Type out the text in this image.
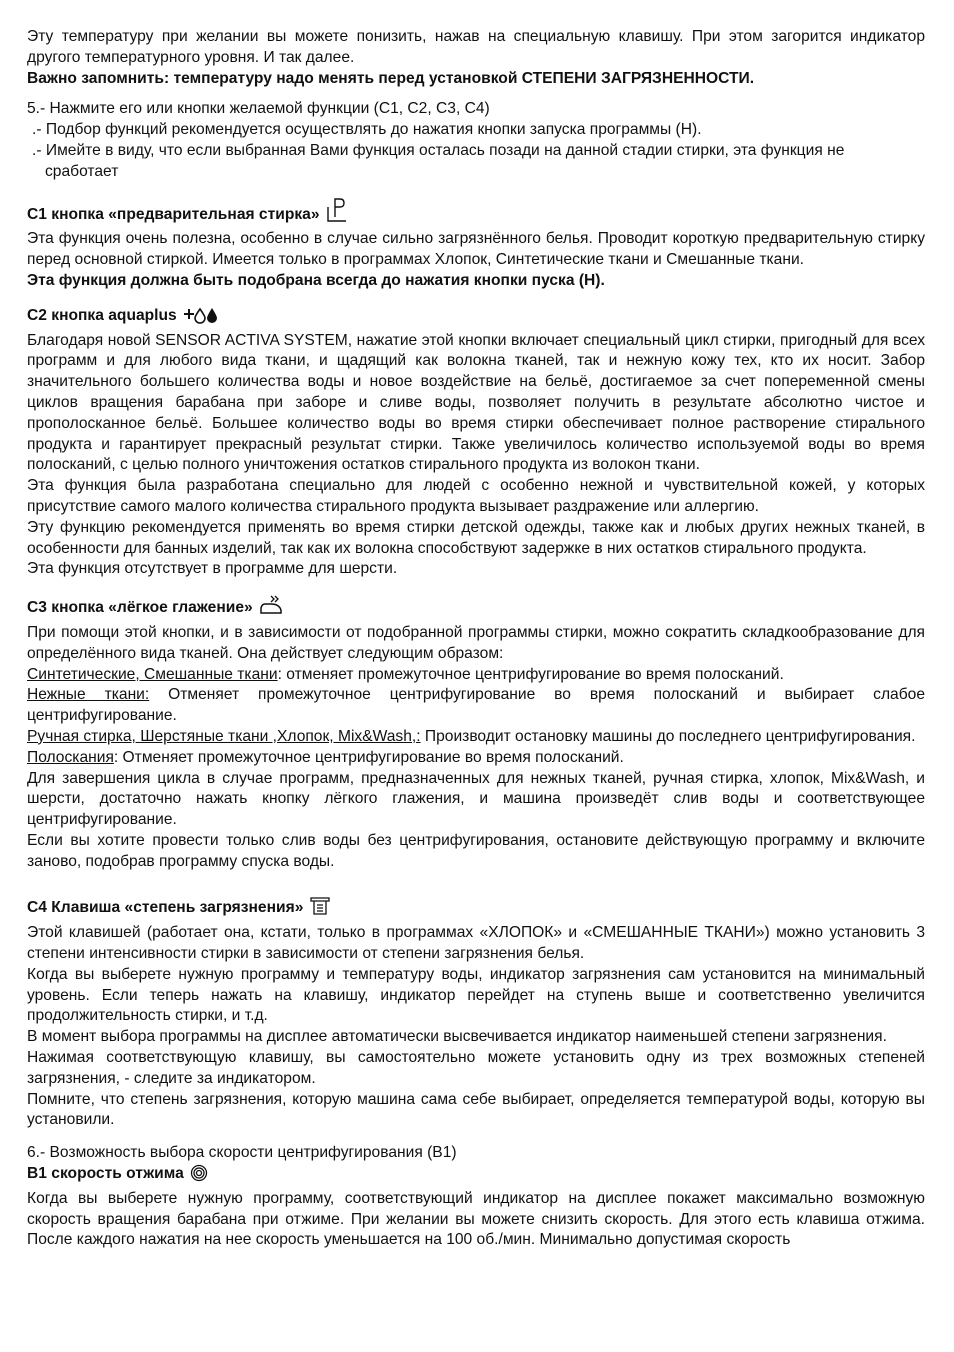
Эту температуру при желании вы можете понизить, нажав на специальную клавишу. При этом загорится индикатор другого температурного уровня. И так далее.

Важно запомнить: температуру надо менять перед установкой СТЕПЕНИ ЗАГРЯЗНЕННОСТИ.

5.- Нажмите его или кнопки желаемой функции (С1, С2, С3, С4)

.- Подбор функций рекомендуется осуществлять до нажатия кнопки запуска программы (Н).

.- Имейте в виду, что если выбранная Вами функция осталась позади на данной стадии стирки, эта функция не

сработает

С1 кнопка «предварительная стирка»

Эта функция очень полезна, особенно в случае сильно загрязнённого белья. Проводит короткую предварительную стирку перед основной стиркой. Имеется только в программах Хлопок, Синтетические ткани и Смешанные ткани.

Эта функция должна быть подобрана всегда до нажатия кнопки пуска (Н).

С2 кнопка aquaplus

Благодаря новой SENSOR ACTIVA SYSTEM, нажатие этой кнопки включает специальный цикл стирки, пригодный для всех программ и для любого вида ткани, и щадящий как волокна тканей, так и нежную кожу тех, кто их носит. Забор значительного большего количества воды и новое воздействие на бельё, достигаемое за счет попеременной смены циклов вращения барабана при заборе и сливе воды, позволяет получить в результате абсолютно чистое и прополосканное бельё. Большее количество воды во время стирки обеспечивает полное растворение стирального продукта и гарантирует прекрасный результат стирки. Также увеличилось количество используемой воды во время полосканий, с целью полного уничтожения остатков стирального продукта из волокон ткани.

Эта функция была разработана специально для людей с особенно нежной и чувствительной кожей, у которых присутствие самого малого количества стирального продукта вызывает раздражение или аллергию.

Эту функцию рекомендуется применять во время стирки детской одежды, также как и любых других нежных тканей, в особенности для банных изделий, так как их волокна способствуют задержке в них остатков стирального продукта.

Эта функция отсутствует в программе для шерсти.

С3 кнопка «лёгкое глажение»

При помощи этой кнопки, и в зависимости от подобранной программы стирки, можно сократить складкообразование для определённого вида тканей. Она действует следующим образом:

Синтетические, Смешанные ткани: отменяет промежуточное центрифугирование во время полосканий.

Нежные ткани: Отменяет промежуточное центрифугирование во время полосканий и выбирает слабое центрифугирование.

Ручная стирка, Шерстяные ткани ,Хлопок, Mix&Wash,: Производит остановку машины до последнего центрифугирования.

Полоскания: Отменяет промежуточное центрифугирование во время полосканий.

Для завершения цикла в случае программ, предназначенных для нежных тканей, ручная стирка, хлопок, Mix&Wash, и шерсти, достаточно нажать кнопку лёгкого глажения, и машина произведёт слив воды и соответствующее центрифугирование.

Если вы хотите провести только слив воды без центрифугирования, остановите действующую программу и включите заново, подобрав программу спуска воды.

С4 Клавиша «степень загрязнения»

Этой клавишей (работает она, кстати, только в программах «ХЛОПОК» и «СМЕШАННЫЕ ТКАНИ») можно установить 3 степени интенсивности стирки в зависимости от степени загрязнения белья.

Когда вы выберете нужную программу и температуру воды, индикатор загрязнения сам установится на минимальный уровень. Если теперь нажать на клавишу, индикатор перейдет на ступень выше и соответственно увеличится продолжительность стирки, и т.д.

В момент выбора программы на дисплее автоматически высвечивается индикатор наименьшей степени загрязнения.

Нажимая соответствующую клавишу, вы самостоятельно можете установить одну из трех возможных степеней загрязнения, - следите за индикатором.

Помните, что степень загрязнения, которую машина сама себе выбирает, определяется температурой воды, которую вы установили.

6.- Возможность выбора скорости центрифугирования (В1)

В1 скорость отжима

Когда вы выберете нужную программу, соответствующий индикатор на дисплее покажет максимально возможную скорость вращения барабана при отжиме. При желании вы можете снизить скорость. Для этого есть клавиша отжима. После каждого нажатия на нее скорость уменьшается на 100 об./мин. Минимально допустимая скорость
